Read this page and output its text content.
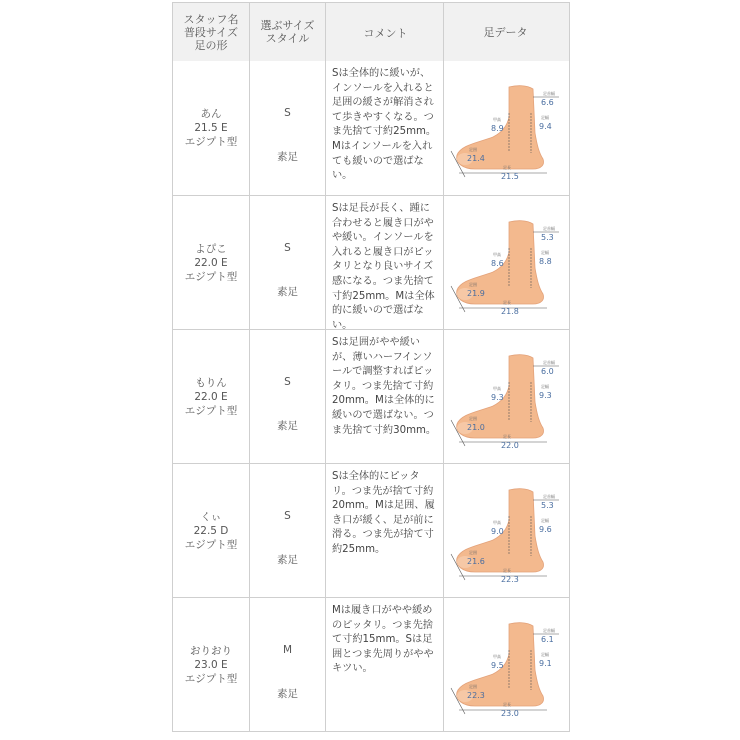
スタッフ名
普段サイズ
足の形
選ぶサイズ
スタイル	コメント	足データ
あん
21.5 E
エジプト型

S

素足

Sは全体的に緩いが、インソールを入れると足囲の緩さが解消されて歩きやすくなる。つま先捨て寸約25mm。Mはインソールを入れても緩いので選ばない。
足首幅
6.6
甲高
8.9
足幅
9.4
足囲
21.4
足長
21.5
よぴこ
22.0 E
エジプト型

S

素足

Sは足長が長く、踵に合わせると履き口がやや緩い。インソールを入れると履き口がピッタリとなり良いサイズ感になる。つま先捨て寸約25mm。Mは全体的に緩いので選ばない。
足首幅
5.3
甲高
8.6
足幅
8.8
足囲
21.9
足長
21.8
もりん
22.0 E
エジプト型

S

素足

Sは足囲がやや緩いが、薄いハーフインソールで調整すればピッタリ。つま先捨て寸約20mm。Mは全体的に緩いので選ばない。つま先捨て寸約30mm。
足首幅
6.0
甲高
9.3
足幅
9.3
足囲
21.0
足長
22.0
くぃ
22.5 D
エジプト型

S

素足

Sは全体的にピッタリ。つま先が捨て寸約20mm。Mは足囲、履き口が緩く、足が前に滑る。つま先が捨て寸約25mm。
足首幅
5.3
甲高
9.0
足幅
9.6
足囲
21.6
足長
22.3
おりおり
23.0 E
エジプト型

M

素足

Mは履き口がやや緩めのピッタリ。つま先捨て寸約15mm。Sは足囲とつま先周りがややキツい。
足首幅
6.1
甲高
9.5
足幅
9.1
足囲
22.3
足長
23.0
